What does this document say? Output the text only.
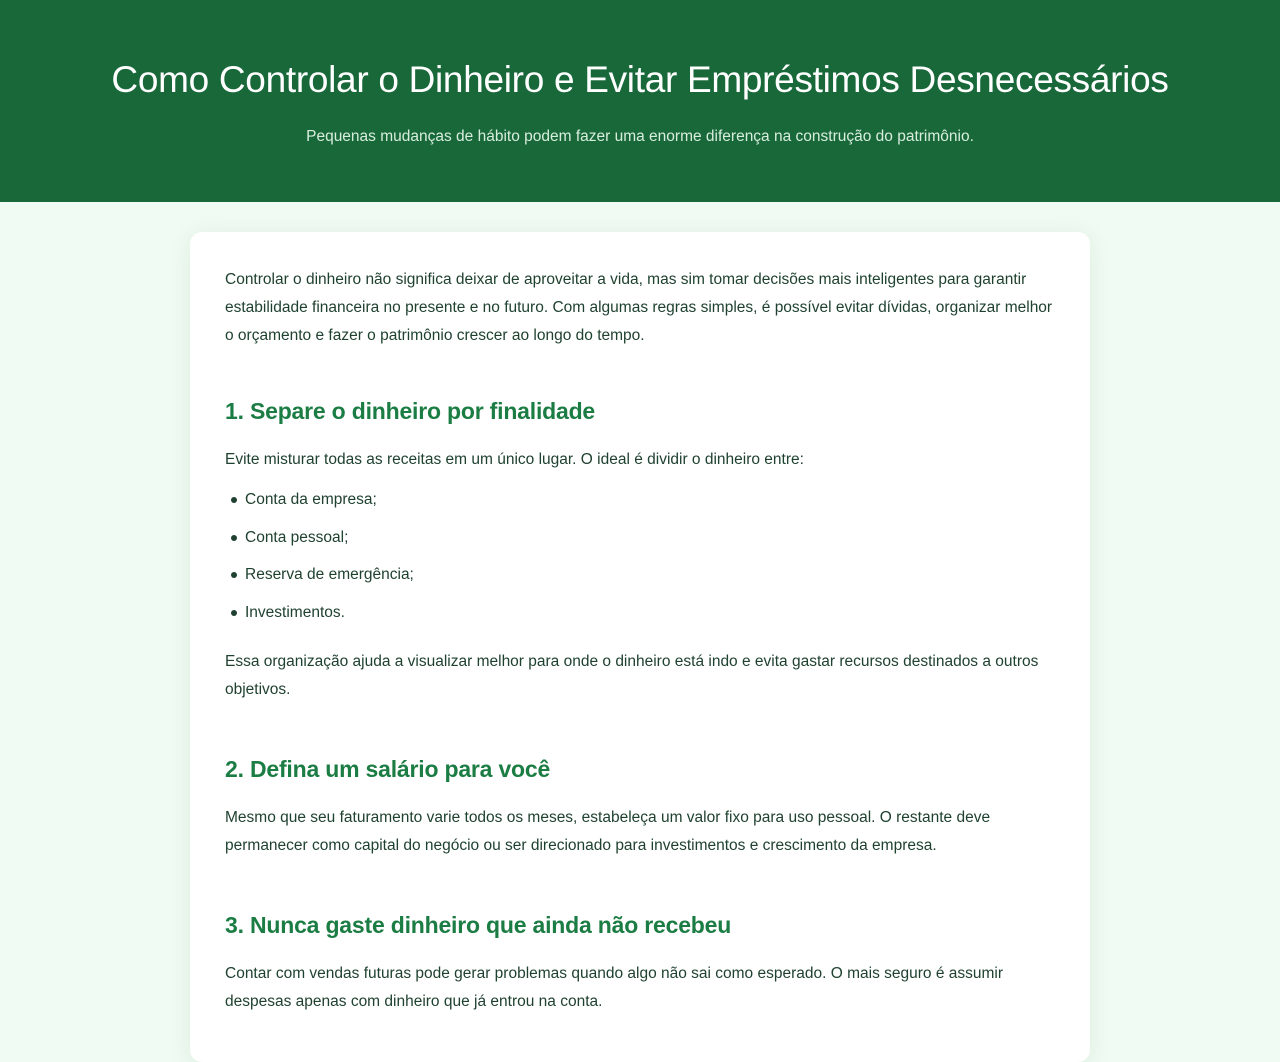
Como Controlar o Dinheiro e Evitar Empréstimos Desnecessários

Pequenas mudanças de hábito podem fazer uma enorme diferença na construção do patrimônio.

Controlar o dinheiro não significa deixar de aproveitar a vida, mas sim tomar decisões mais inteligentes para garantir estabilidade financeira no presente e no futuro. Com algumas regras simples, é possível evitar dívidas, organizar melhor o orçamento e fazer o patrimônio crescer ao longo do tempo.

1. Separe o dinheiro por finalidade

Evite misturar todas as receitas em um único lugar. O ideal é dividir o dinheiro entre:

Conta da empresa;
Conta pessoal;
Reserva de emergência;
Investimentos.

Essa organização ajuda a visualizar melhor para onde o dinheiro está indo e evita gastar recursos destinados a outros objetivos.

2. Defina um salário para você

Mesmo que seu faturamento varie todos os meses, estabeleça um valor fixo para uso pessoal. O restante deve permanecer como capital do negócio ou ser direcionado para investimentos e crescimento da empresa.

3. Nunca gaste dinheiro que ainda não recebeu

Contar com vendas futuras pode gerar problemas quando algo não sai como esperado. O mais seguro é assumir despesas apenas com dinheiro que já entrou na conta.
